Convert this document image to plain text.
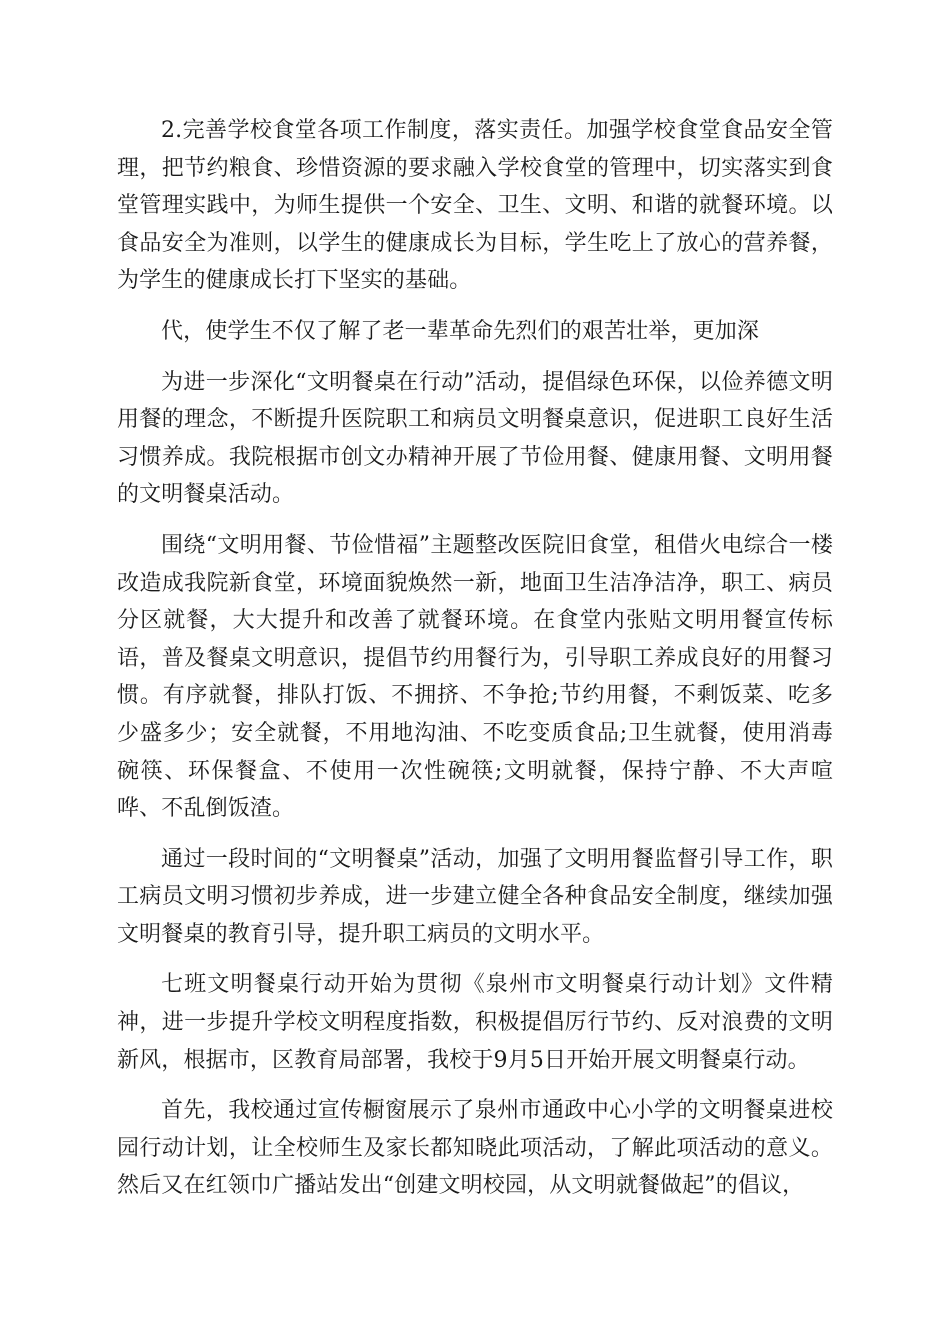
2.完善学校食堂各项工作制度，落实责任。加强学校食堂食品安全管理，把节约粮食、珍惜资源的要求融入学校食堂的管理中，切实落实到食堂管理实践中，为师生提供一个安全、卫生、文明、和谐的就餐环境。以食品安全为准则，以学生的健康成长为目标，学生吃上了放心的营养餐，为学生的健康成长打下坚实的基础。

代，使学生不仅了解了老一辈革命先烈们的艰苦壮举，更加深

为进一步深化“文明餐桌在行动”活动，提倡绿色环保，以俭养德文明用餐的理念，不断提升医院职工和病员文明餐桌意识，促进职工良好生活习惯养成。我院根据市创文办精神开展了节俭用餐、健康用餐、文明用餐的文明餐桌活动。

围绕“文明用餐、节俭惜福”主题整改医院旧食堂，租借火电综合一楼改造成我院新食堂，环境面貌焕然一新，地面卫生洁净洁净，职工、病员分区就餐，大大提升和改善了就餐环境。在食堂内张贴文明用餐宣传标语，普及餐桌文明意识，提倡节约用餐行为，引导职工养成良好的用餐习惯。有序就餐，排队打饭、不拥挤、不争抢;节约用餐，不剩饭菜、吃多少盛多少；安全就餐，不用地沟油、不吃变质食品;卫生就餐，使用消毒碗筷、环保餐盒、不使用一次性碗筷;文明就餐，保持宁静、不大声喧哗、不乱倒饭渣。

通过一段时间的“文明餐桌”活动，加强了文明用餐监督引导工作，职工病员文明习惯初步养成，进一步建立健全各种食品安全制度，继续加强文明餐桌的教育引导，提升职工病员的文明水平。

七班文明餐桌行动开始为贯彻《泉州市文明餐桌行动计划》文件精神，进一步提升学校文明程度指数，积极提倡厉行节约、反对浪费的文明新风，根据市，区教育局部署，我校于9月5日开始开展文明餐桌行动。

首先，我校通过宣传橱窗展示了泉州市通政中心小学的文明餐桌进校园行动计划，让全校师生及家长都知晓此项活动，了解此项活动的意义。然后又在红领巾广播站发出“创建文明校园，从文明就餐做起”的倡议，
